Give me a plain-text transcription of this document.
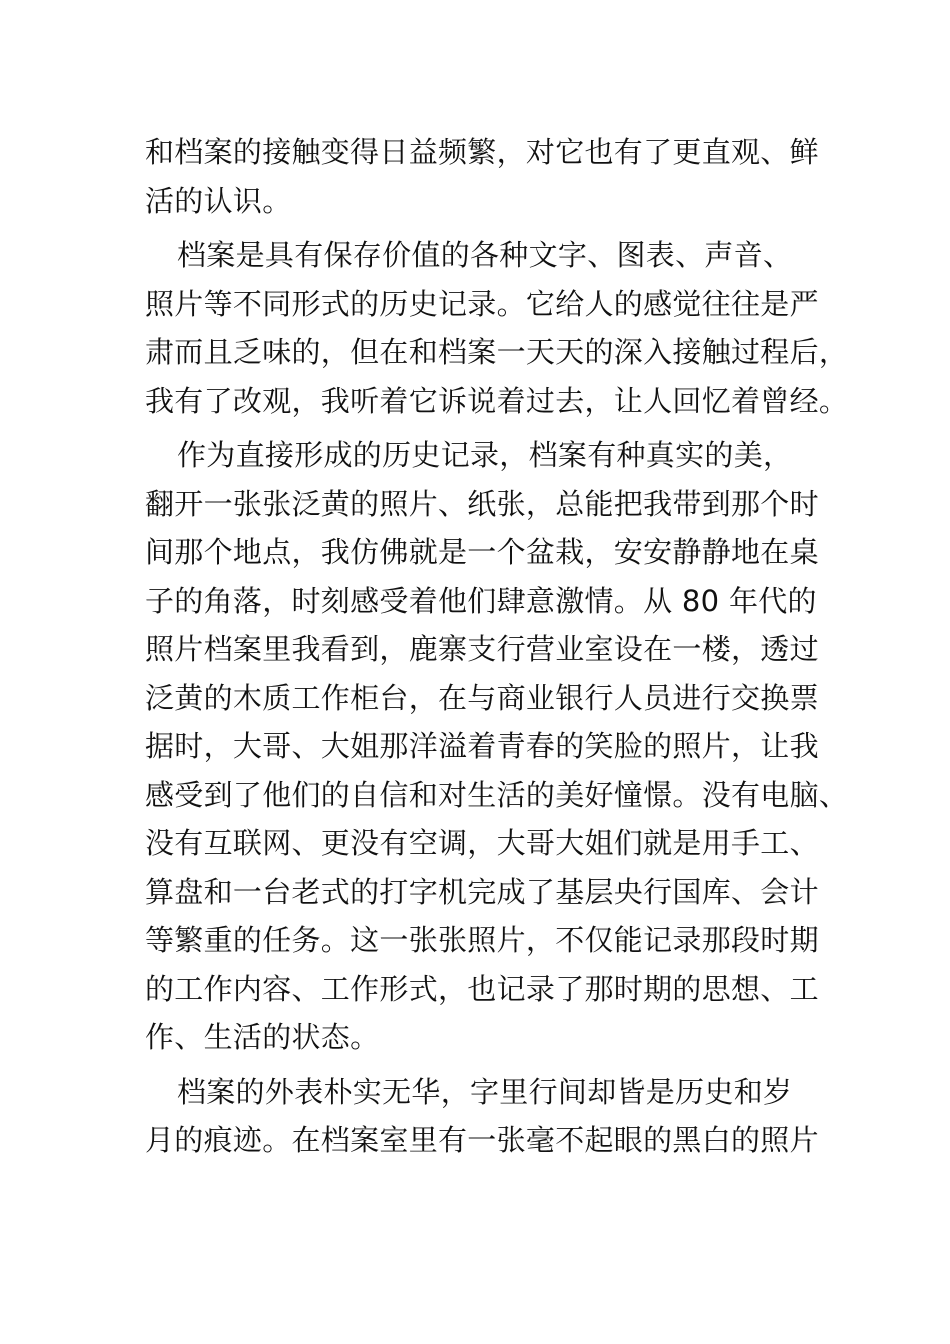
和档案的接触变得日益频繁，对它也有了更直观、鲜
活的认识。
档案是具有保存价值的各种文字、图表、声音、
照片等不同形式的历史记录。它给人的感觉往往是严
肃而且乏味的，但在和档案一天天的深入接触过程后，
我有了改观，我听着它诉说着过去，让人回忆着曾经。
作为直接形成的历史记录，档案有种真实的美，
翻开一张张泛黄的照片、纸张，总能把我带到那个时
间那个地点，我仿佛就是一个盆栽，安安静静地在桌
子的角落，时刻感受着他们肆意激情。从 80 年代的
照片档案里我看到，鹿寨支行营业室设在一楼，透过
泛黄的木质工作柜台，在与商业银行人员进行交换票
据时，大哥、大姐那洋溢着青春的笑脸的照片，让我
感受到了他们的自信和对生活的美好憧憬。没有电脑、
没有互联网、更没有空调，大哥大姐们就是用手工、
算盘和一台老式的打字机完成了基层央行国库、会计
等繁重的任务。这一张张照片，不仅能记录那段时期
的工作内容、工作形式，也记录了那时期的思想、工
作、生活的状态。
档案的外表朴实无华，字里行间却皆是历史和岁
月的痕迹。在档案室里有一张毫不起眼的黑白的照片
